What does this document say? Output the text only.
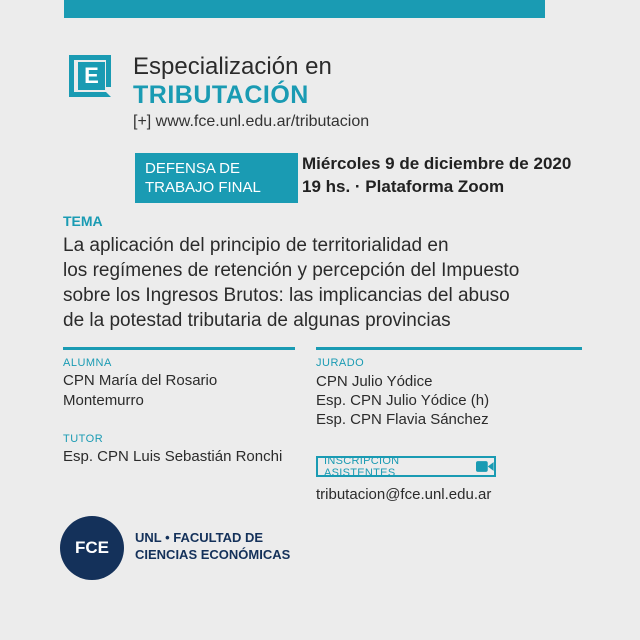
E Especialización en
TRIBUTACIÓN
[+] www.fce.unl.edu.ar/tributacion
DEFENSA DE
TRABAJO FINAL
Miércoles 9 de diciembre de 2020
19 hs. · Plataforma Zoom
TEMA
La aplicación del principio de territorialidad en
los regímenes de retención y percepción del Impuesto
sobre los Ingresos Brutos: las implicancias del abuso
de la potestad tributaria de algunas provincias
ALUMNA
CPN María del Rosario
Montemurro
TUTOR
Esp. CPN Luis Sebastián Ronchi
JURADO
CPN Julio Yódice
Esp. CPN Julio Yódice (h)
Esp. CPN Flavia Sánchez
INSCRIPCION ASISTENTES
tributacion@fce.unl.edu.ar
FCE
UNL • FACULTAD DE
CIENCIAS ECONÓMICAS
